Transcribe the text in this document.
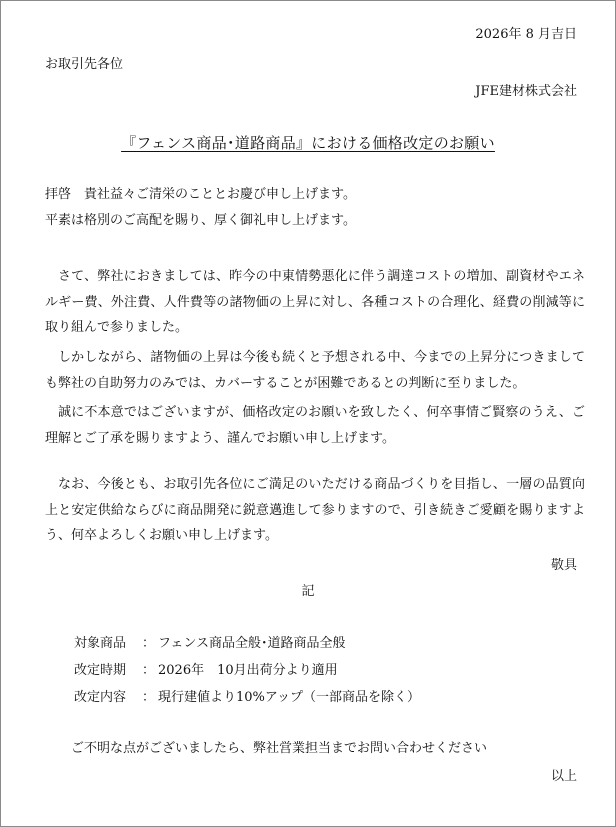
2026年 8 月吉日
お取引先各位
JFE建材株式会社
『フェンス商品･道路商品』における価格改定のお願い
拝啓　貴社益々ご清栄のこととお慶び申し上げます。
平素は格別のご高配を賜り、厚く御礼申し上げます。
さて、弊社におきましては、昨今の中東情勢悪化に伴う調達コストの増加、副資材やエネルギー費、外注費、人件費等の諸物価の上昇に対し、各種コストの合理化、経費の削減等に取り組んで参りました。
しかしながら、諸物価の上昇は今後も続くと予想される中、今までの上昇分につきましても弊社の自助努力のみでは、カバーすることが困難であるとの判断に至りました。
誠に不本意ではございますが、価格改定のお願いを致したく、何卒事情ご賢察のうえ、ご理解とご了承を賜りますよう、謹んでお願い申し上げます。
なお、今後とも、お取引先各位にご満足のいただける商品づくりを目指し、一層の品質向上と安定供給ならびに商品開発に鋭意邁進して参りますので、引き続きご愛顧を賜りますよう、何卒よろしくお願い申し上げます。
敬具
記
対象商品 ： フェンス商品全般･道路商品全般
改定時期 ： 2026年　10月出荷分より適用
改定内容 ： 現行建値より10%アップ（一部商品を除く）
ご不明な点がございましたら、弊社営業担当までお問い合わせください
以上
